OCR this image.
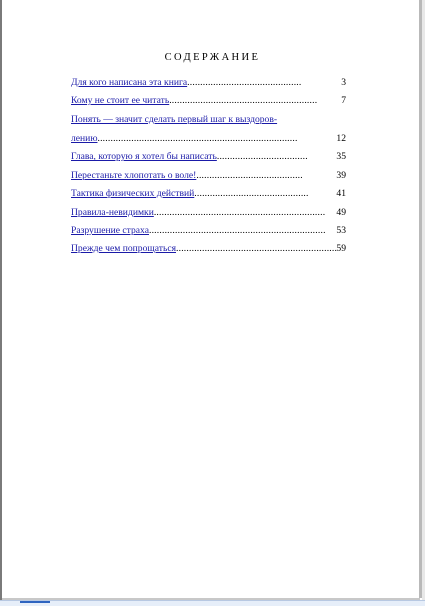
СОДЕРЖАНИЕ
Для кого написана эта книга ............................................	3
Кому не стоит ее читать ......................................................... 7
Понять — значит сделать первый шаг к выздоров-
лению .............................................................................	12
Глава, которую я хотел бы написать ...................................	35
Перестаньте хлопотать о воле! .........................................	39
Тактика физических действий ............................................	41
Правила-невидимки .................................................................. 49
Разрушение страха .................................................................... 53
Прежде чем попрощаться .............................................................. 59
